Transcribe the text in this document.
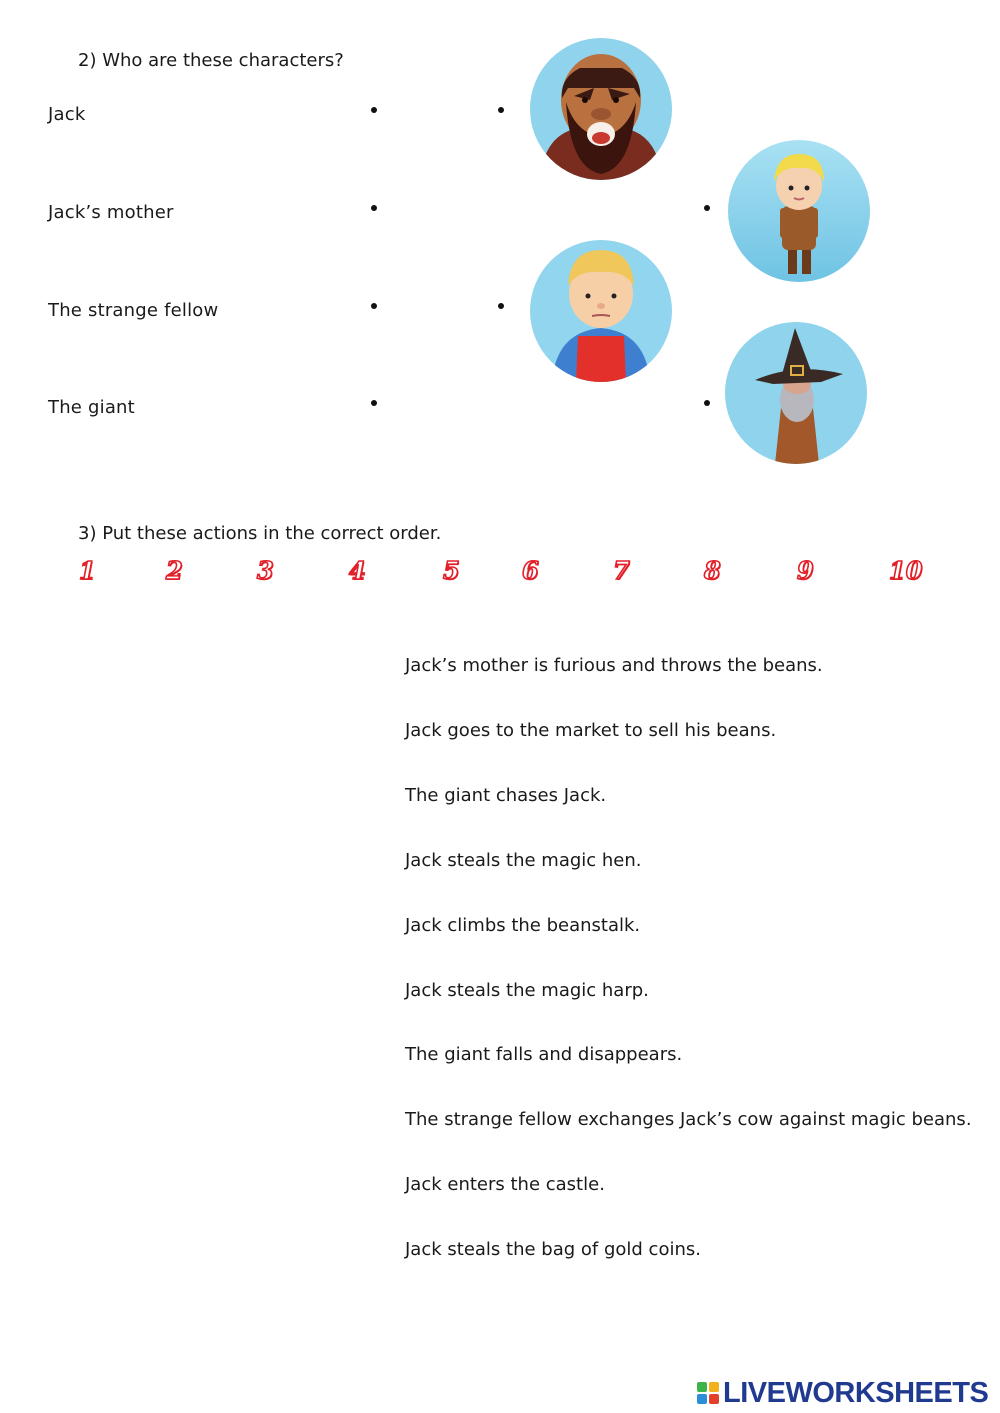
2) Who are these characters?
Jack
Jack’s mother
The strange fellow
The giant
3) Put these actions in the correct order.
1	2	3	4	5	6	7	8	9	10
Jack’s mother is furious and throws the beans.
Jack goes to the market to sell his beans.
The giant chases Jack.
Jack steals the magic hen.
Jack climbs the beanstalk.
Jack steals the magic harp.
The giant falls and disappears.
The strange fellow exchanges Jack’s cow against magic beans.
Jack enters the castle.
Jack steals the bag of gold coins.
LIVEWORKSHEETS
